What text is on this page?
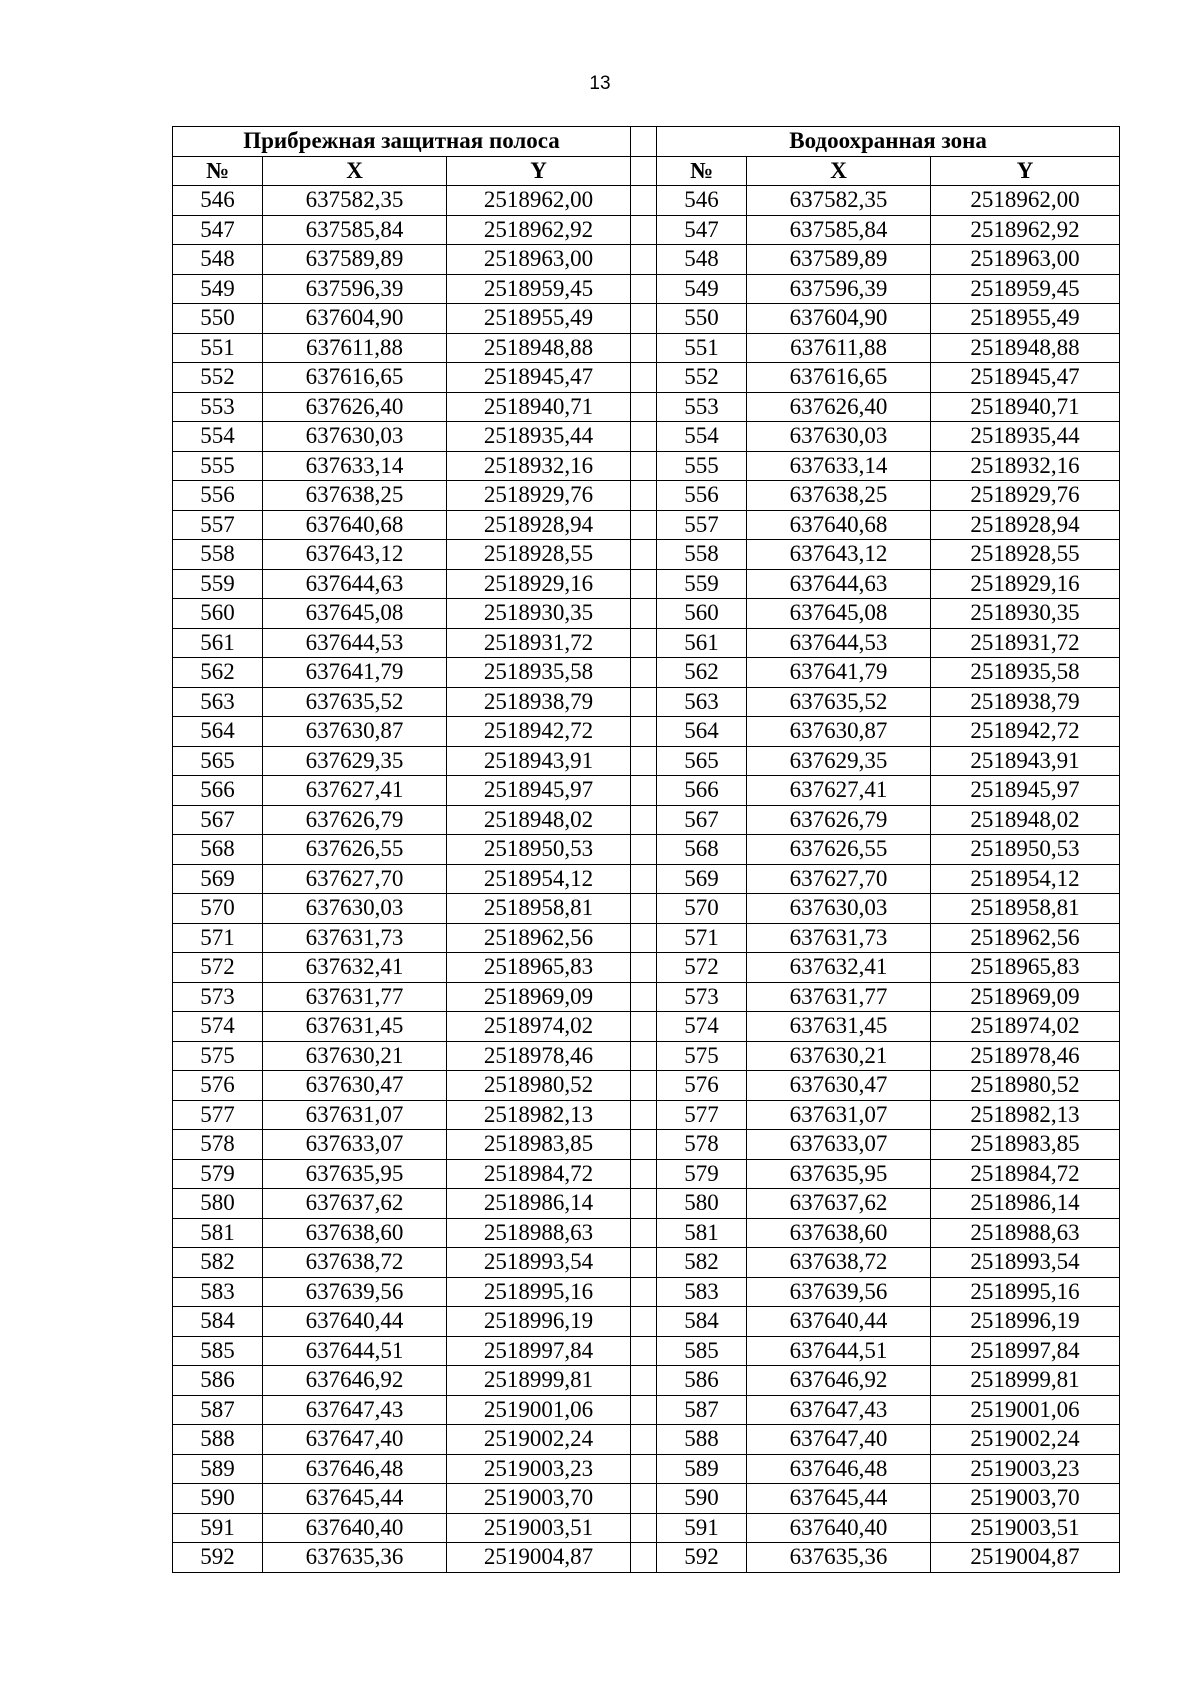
13
Прибрежная защитная полоса				Водоохранная зона		
№	X	Y		№	X	Y
546	637582,35	2518962,00		546	637582,35	2518962,00
547	637585,84	2518962,92		547	637585,84	2518962,92
548	637589,89	2518963,00		548	637589,89	2518963,00
549	637596,39	2518959,45		549	637596,39	2518959,45
550	637604,90	2518955,49		550	637604,90	2518955,49
551	637611,88	2518948,88		551	637611,88	2518948,88
552	637616,65	2518945,47		552	637616,65	2518945,47
553	637626,40	2518940,71		553	637626,40	2518940,71
554	637630,03	2518935,44		554	637630,03	2518935,44
555	637633,14	2518932,16		555	637633,14	2518932,16
556	637638,25	2518929,76		556	637638,25	2518929,76
557	637640,68	2518928,94		557	637640,68	2518928,94
558	637643,12	2518928,55		558	637643,12	2518928,55
559	637644,63	2518929,16		559	637644,63	2518929,16
560	637645,08	2518930,35		560	637645,08	2518930,35
561	637644,53	2518931,72		561	637644,53	2518931,72
562	637641,79	2518935,58		562	637641,79	2518935,58
563	637635,52	2518938,79		563	637635,52	2518938,79
564	637630,87	2518942,72		564	637630,87	2518942,72
565	637629,35	2518943,91		565	637629,35	2518943,91
566	637627,41	2518945,97		566	637627,41	2518945,97
567	637626,79	2518948,02		567	637626,79	2518948,02
568	637626,55	2518950,53		568	637626,55	2518950,53
569	637627,70	2518954,12		569	637627,70	2518954,12
570	637630,03	2518958,81		570	637630,03	2518958,81
571	637631,73	2518962,56		571	637631,73	2518962,56
572	637632,41	2518965,83		572	637632,41	2518965,83
573	637631,77	2518969,09		573	637631,77	2518969,09
574	637631,45	2518974,02		574	637631,45	2518974,02
575	637630,21	2518978,46		575	637630,21	2518978,46
576	637630,47	2518980,52		576	637630,47	2518980,52
577	637631,07	2518982,13		577	637631,07	2518982,13
578	637633,07	2518983,85		578	637633,07	2518983,85
579	637635,95	2518984,72		579	637635,95	2518984,72
580	637637,62	2518986,14		580	637637,62	2518986,14
581	637638,60	2518988,63		581	637638,60	2518988,63
582	637638,72	2518993,54		582	637638,72	2518993,54
583	637639,56	2518995,16		583	637639,56	2518995,16
584	637640,44	2518996,19		584	637640,44	2518996,19
585	637644,51	2518997,84		585	637644,51	2518997,84
586	637646,92	2518999,81		586	637646,92	2518999,81
587	637647,43	2519001,06		587	637647,43	2519001,06
588	637647,40	2519002,24		588	637647,40	2519002,24
589	637646,48	2519003,23		589	637646,48	2519003,23
590	637645,44	2519003,70		590	637645,44	2519003,70
591	637640,40	2519003,51		591	637640,40	2519003,51
592	637635,36	2519004,87		592	637635,36	2519004,87
